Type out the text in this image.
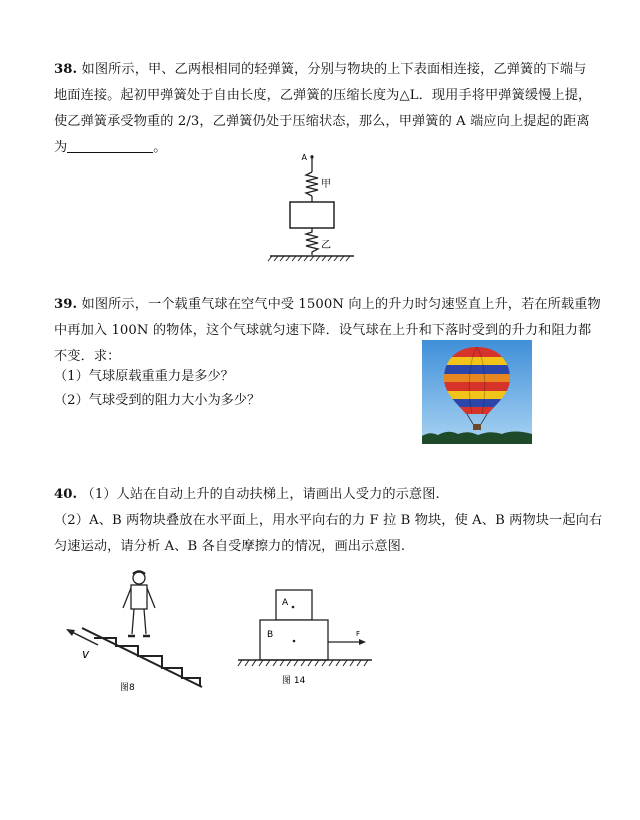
38. 如图所示，甲、乙两根相同的轻弹簧，分别与物块的上下表面相连接，乙弹簧的下端与
地面连接。起初甲弹簧处于自由长度，乙弹簧的压缩长度为△L．现用手将甲弹簧缓慢上提，
使乙弹簧承受物重的 2/3，乙弹簧仍处于压缩状态，那么，甲弹簧的 A 端应向上提起的距离
为	。
A
甲
乙
39. 如图所示，一个载重气球在空气中受 1500N 向上的升力时匀速竖直上升，若在所载重物
中再加入 100N 的物体，这个气球就匀速下降．设气球在上升和下落时受到的升力和阻力都
不变．求：
（1）气球原载重重力是多少？
（2）气球受到的阻力大小为多少？
40. （1）人站在自动上升的自动扶梯上，请画出人受力的示意图.
（2）A、B 两物块叠放在水平面上，用水平向右的力 F 拉 B 物块，使 A、B 两物块一起向右
匀速运动，请分析 A、B 各自受摩擦力的情况，画出示意图.
v
图8
A
B	F
图 14
